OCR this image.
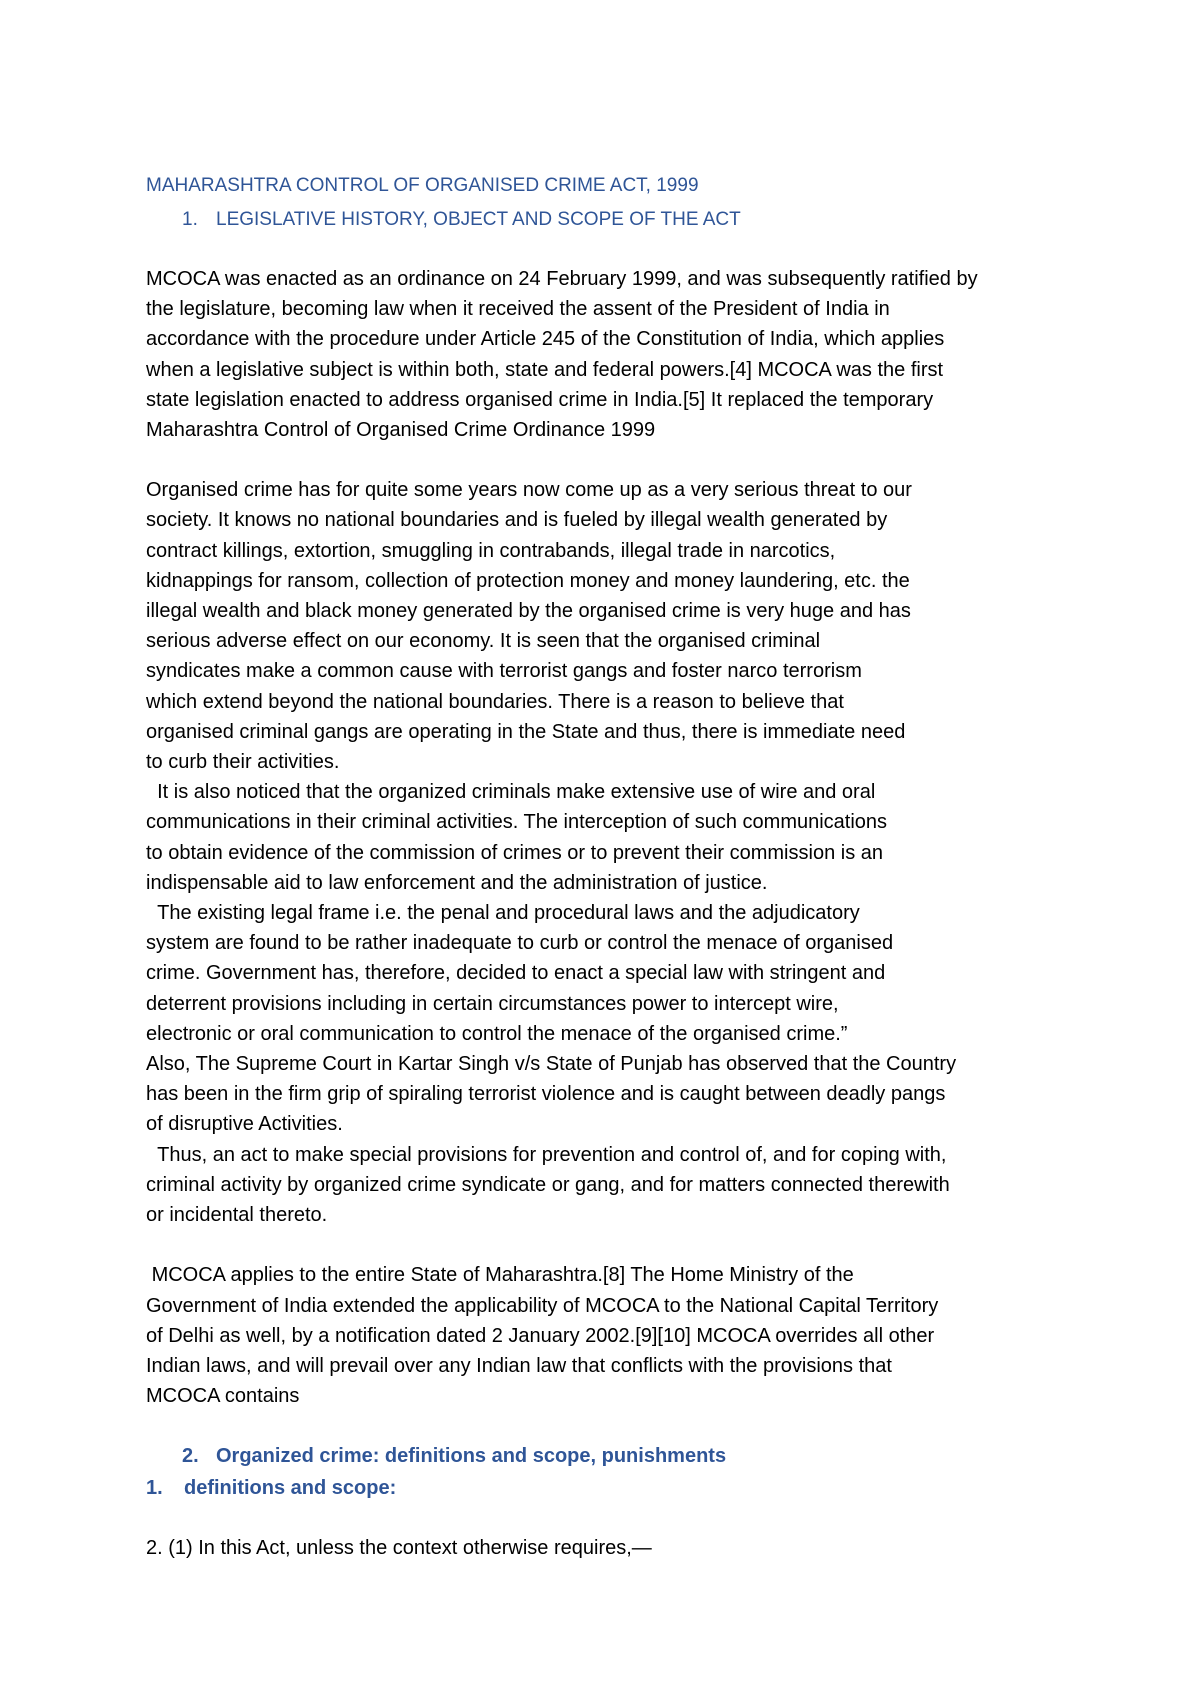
MAHARASHTRA CONTROL OF ORGANISED CRIME ACT, 1999
1. LEGISLATIVE HISTORY, OBJECT AND SCOPE OF THE ACT

MCOCA was enacted as an ordinance on 24 February 1999, and was subsequently ratified by
the legislature, becoming law when it received the assent of the President of India in
accordance with the procedure under Article 245 of the Constitution of India, which applies
when a legislative subject is within both, state and federal powers.[4] MCOCA was the first
state legislation enacted to address organised crime in India.[5] It replaced the temporary
Maharashtra Control of Organised Crime Ordinance 1999

Organised crime has for quite some years now come up as a very serious threat to our
society. It knows no national boundaries and is fueled by illegal wealth generated by
contract killings, extortion, smuggling in contrabands, illegal trade in narcotics,
kidnappings for ransom, collection of protection money and money laundering, etc. the
illegal wealth and black money generated by the organised crime is very huge and has
serious adverse effect on our economy. It is seen that the organised criminal
syndicates make a common cause with terrorist gangs and foster narco terrorism
which extend beyond the national boundaries. There is a reason to believe that
organised criminal gangs are operating in the State and thus, there is immediate need
to curb their activities.
It is also noticed that the organized criminals make extensive use of wire and oral
communications in their criminal activities. The interception of such communications
to obtain evidence of the commission of crimes or to prevent their commission is an
indispensable aid to law enforcement and the administration of justice.
The existing legal frame i.e. the penal and procedural laws and the adjudicatory
system are found to be rather inadequate to curb or control the menace of organised
crime. Government has, therefore, decided to enact a special law with stringent and
deterrent provisions including in certain circumstances power to intercept wire,
electronic or oral communication to control the menace of the organised crime.”
Also, The Supreme Court in Kartar Singh v/s State of Punjab has observed that the Country
has been in the firm grip of spiraling terrorist violence and is caught between deadly pangs
of disruptive Activities.
Thus, an act to make special provisions for prevention and control of, and for coping with,
criminal activity by organized crime syndicate or gang, and for matters connected therewith
or incidental thereto.

MCOCA applies to the entire State of Maharashtra.[8] The Home Ministry of the
Government of India extended the applicability of MCOCA to the National Capital Territory
of Delhi as well, by a notification dated 2 January 2002.[9][10] MCOCA overrides all other
Indian laws, and will prevail over any Indian law that conflicts with the provisions that
MCOCA contains

2. Organized crime: definitions and scope, punishments
1.	definitions and scope:

2. (1) In this Act, unless the context otherwise requires,—
